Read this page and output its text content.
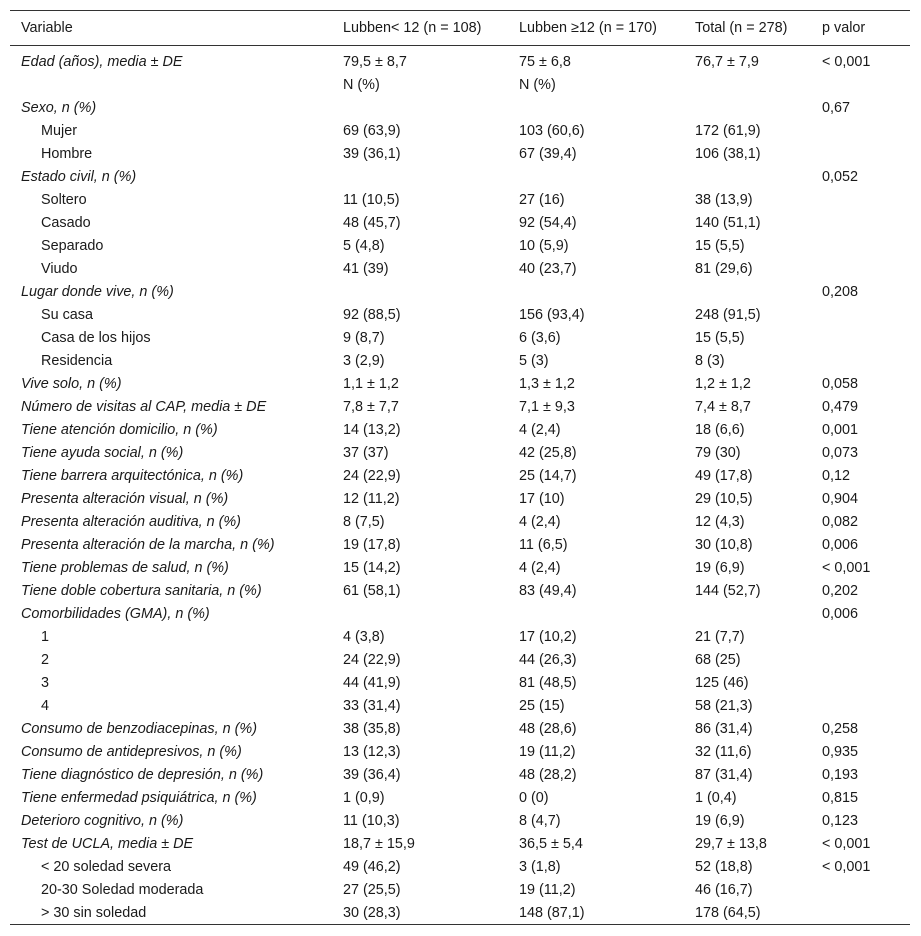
Variable	Lubben< 12 (n = 108)	Lubben ≥12 (n = 170)	Total (n = 278)	p valor
Edad (años), media ± DE	79,5 ± 8,7	75 ± 6,8	76,7 ± 7,9	< 0,001
	N (%)	N (%)		
Sexo, n (%)				0,67
Mujer	69 (63,9)	103 (60,6)	172 (61,9)	
Hombre	39 (36,1)	67 (39,4)	106 (38,1)	
Estado civil, n (%)				0,052
Soltero	11 (10,5)	27 (16)	38 (13,9)	
Casado	48 (45,7)	92 (54,4)	140 (51,1)	
Separado	5 (4,8)	10 (5,9)	15 (5,5)	
Viudo	41 (39)	40 (23,7)	81 (29,6)	
Lugar donde vive, n (%)				0,208
Su casa	92 (88,5)	156 (93,4)	248 (91,5)	
Casa de los hijos	9 (8,7)	6 (3,6)	15 (5,5)	
Residencia	3 (2,9)	5 (3)	8 (3)	
Vive solo, n (%)	1,1 ± 1,2	1,3 ± 1,2	1,2 ± 1,2	0,058
Número de visitas al CAP, media ± DE	7,8 ± 7,7	7,1 ± 9,3	7,4 ± 8,7	0,479
Tiene atención domicilio, n (%)	14 (13,2)	4 (2,4)	18 (6,6)	0,001
Tiene ayuda social, n (%)	37 (37)	42 (25,8)	79 (30)	0,073
Tiene barrera arquitectónica, n (%)	24 (22,9)	25 (14,7)	49 (17,8)	0,12
Presenta alteración visual, n (%)	12 (11,2)	17 (10)	29 (10,5)	0,904
Presenta alteración auditiva, n (%)	8 (7,5)	4 (2,4)	12 (4,3)	0,082
Presenta alteración de la marcha, n (%)	19 (17,8)	11 (6,5)	30 (10,8)	0,006
Tiene problemas de salud, n (%)	15 (14,2)	4 (2,4)	19 (6,9)	< 0,001
Tiene doble cobertura sanitaria, n (%)	61 (58,1)	83 (49,4)	144 (52,7)	0,202
Comorbilidades (GMA), n (%)				0,006
1	4 (3,8)	17 (10,2)	21 (7,7)	
2	24 (22,9)	44 (26,3)	68 (25)	
3	44 (41,9)	81 (48,5)	125 (46)	
4	33 (31,4)	25 (15)	58 (21,3)	
Consumo de benzodiacepinas, n (%)	38 (35,8)	48 (28,6)	86 (31,4)	0,258
Consumo de antidepresivos, n (%)	13 (12,3)	19 (11,2)	32 (11,6)	0,935
Tiene diagnóstico de depresión, n (%)	39 (36,4)	48 (28,2)	87 (31,4)	0,193
Tiene enfermedad psiquiátrica, n (%)	1 (0,9)	0 (0)	1 (0,4)	0,815
Deterioro cognitivo, n (%)	11 (10,3)	8 (4,7)	19 (6,9)	0,123
Test de UCLA, media ± DE	18,7 ± 15,9	36,5 ± 5,4	29,7 ± 13,8	< 0,001
< 20 soledad severa	49 (46,2)	3 (1,8)	52 (18,8)	< 0,001
20-30 Soledad moderada	27 (25,5)	19 (11,2)	46 (16,7)	
> 30 sin soledad	30 (28,3)	148 (87,1)	178 (64,5)	
